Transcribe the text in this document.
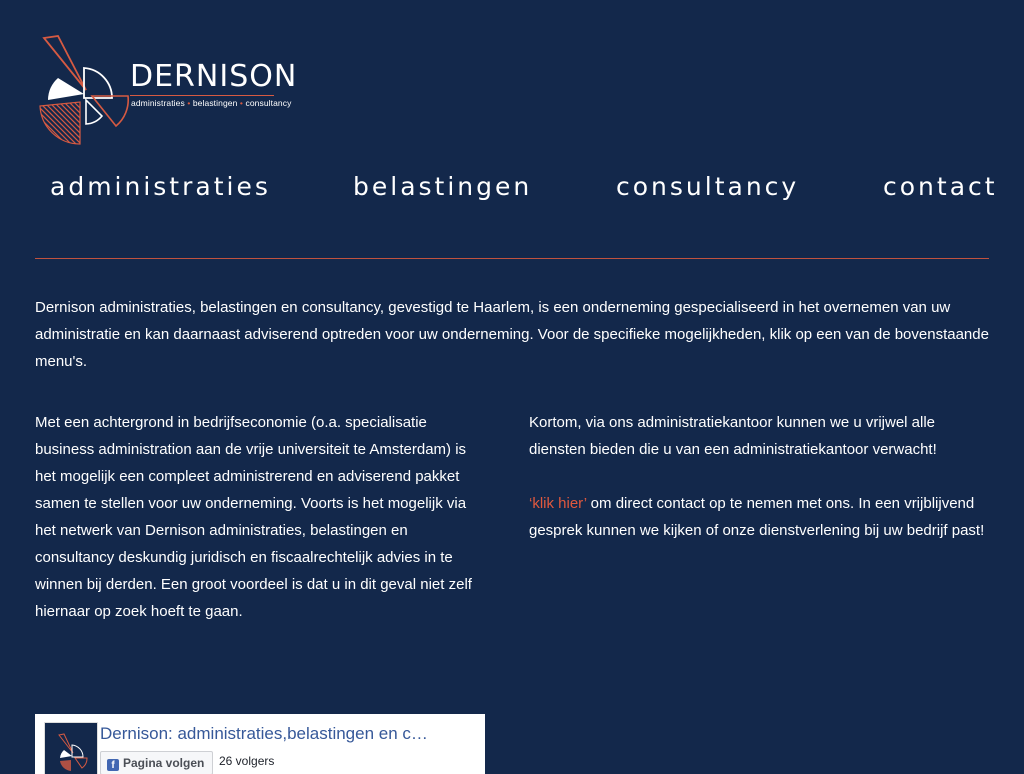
DERNISON
administraties • belastingen • consultancy
administraties	belastingen	consultancy	contact

Dernison administraties, belastingen en consultancy, gevestigd te Haarlem, is een onderneming gespecialiseerd in het overnemen van uw administratie en kan daarnaast adviserend optreden voor uw onderneming. Voor de specifieke mogelijkheden, klik op een van de bovenstaande menu's.

Met een achtergrond in bedrijfseconomie (o.a. specialisatie business administration aan de vrije universiteit te Amsterdam) is het mogelijk een compleet administrerend en adviserend pakket samen te stellen voor uw onderneming. Voorts is het mogelijk via het netwerk van Dernison administraties, belastingen en consultancy deskundig juridisch en fiscaalrechtelijk advies in te winnen bij derden. Een groot voordeel is dat u in dit geval niet zelf hiernaar op zoek hoeft te gaan.

Kortom, via ons administratiekantoor kunnen we u vrijwel alle diensten bieden die u van een administratiekantoor verwacht!

‘klik hier’ om direct contact op te nemen met ons. In een vrijblijvend gesprek kunnen we kijken of onze dienstverlening bij uw bedrijf past!

Dernison: administraties,belastingen en c…
f Pagina volgen	26 volgers
